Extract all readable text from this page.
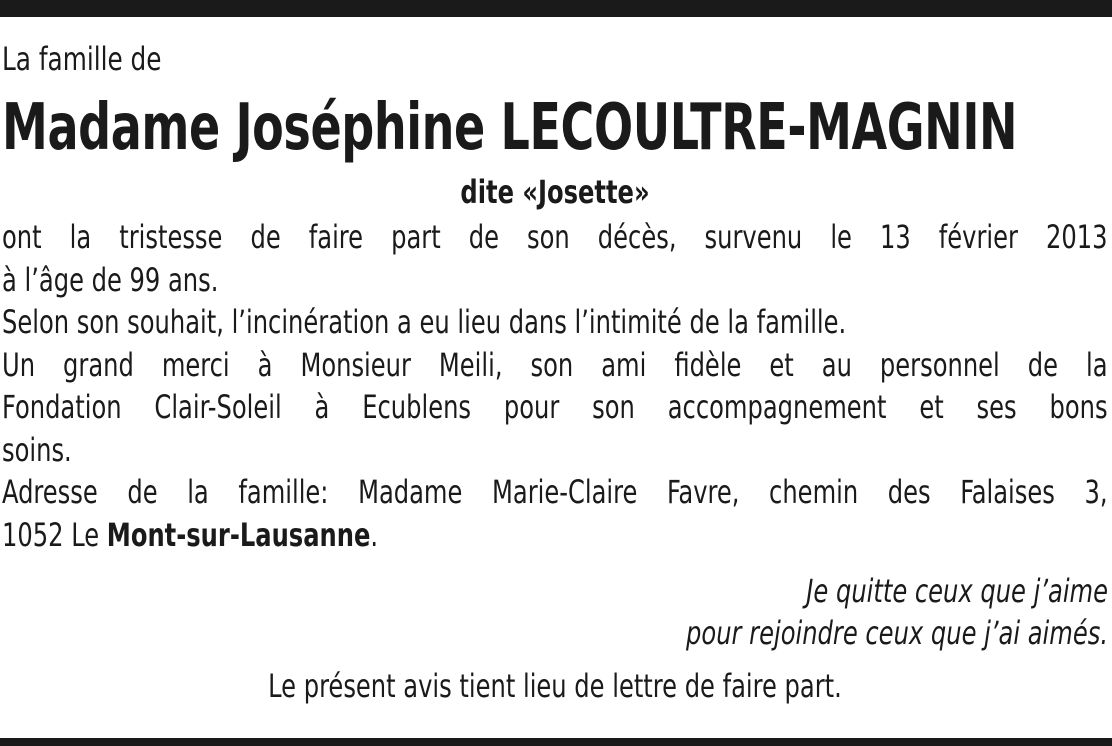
La famille de
Madame Joséphine LECOULTRE-MAGNIN
dite «Josette»
ont la tristesse de faire part de son décès, survenu le 13 février 2013
à l’âge de 99 ans.
Selon son souhait, l’incinération a eu lieu dans l’intimité de la famille.
Un grand merci à Monsieur Meili, son ami fidèle et au personnel de la
Fondation Clair-Soleil à Ecublens pour son accompagnement et ses bons
soins.
Adresse de la famille: Madame Marie-Claire Favre, chemin des Falaises 3,
1052 Le Mont-sur-Lausanne.
Je quitte ceux que j’aime
pour rejoindre ceux que j’ai aimés.
Le présent avis tient lieu de lettre de faire part.
